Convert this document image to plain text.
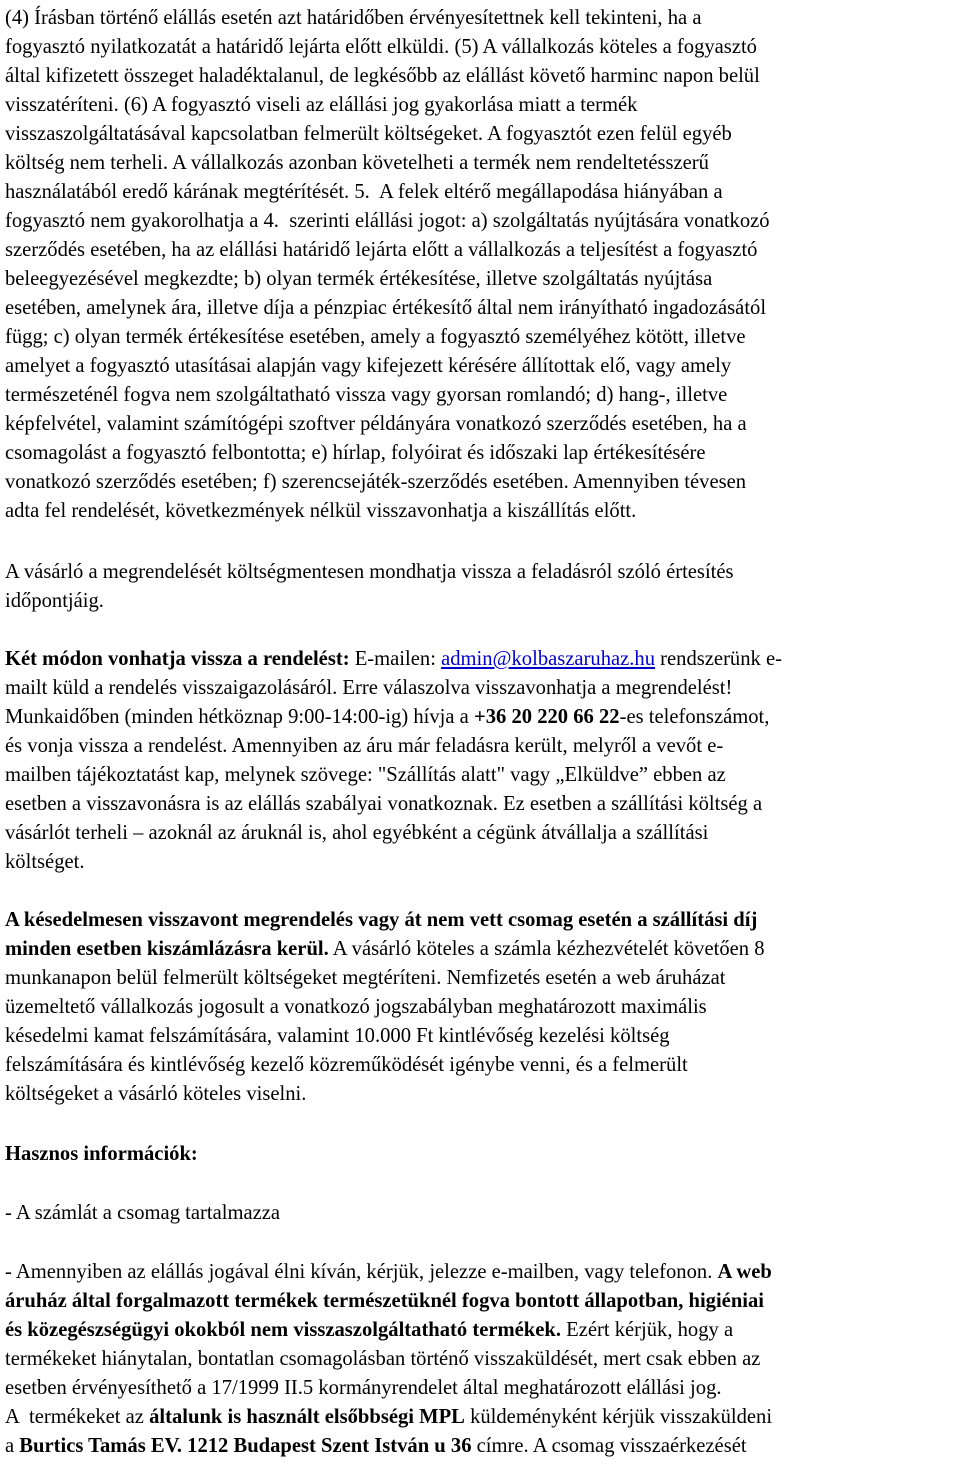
(4) Írásban történő elállás esetén azt határidőben érvényesítettnek kell tekinteni, ha a
fogyasztó nyilatkozatát a határidő lejárta előtt elküldi. (5) A vállalkozás köteles a fogyasztó
által kifizetett összeget haladéktalanul, de legkésőbb az elállást követő harminc napon belül
visszatéríteni. (6) A fogyasztó viseli az elállási jog gyakorlása miatt a termék
visszaszolgáltatásával kapcsolatban felmerült költségeket. A fogyasztót ezen felül egyéb
költség nem terheli. A vállalkozás azonban követelheti a termék nem rendeltetésszerű
használatából eredő kárának megtérítését. 5.  A felek eltérő megállapodása hiányában a
fogyasztó nem gyakorolhatja a 4.  szerinti elállási jogot: a) szolgáltatás nyújtására vonatkozó
szerződés esetében, ha az elállási határidő lejárta előtt a vállalkozás a teljesítést a fogyasztó
beleegyezésével megkezdte; b) olyan termék értékesítése, illetve szolgáltatás nyújtása
esetében, amelynek ára, illetve díja a pénzpiac értékesítő által nem irányítható ingadozásától
függ; c) olyan termék értékesítése esetében, amely a fogyasztó személyéhez kötött, illetve
amelyet a fogyasztó utasításai alapján vagy kifejezett kérésére állítottak elő, vagy amely
természeténél fogva nem szolgáltatható vissza vagy gyorsan romlandó; d) hang-, illetve
képfelvétel, valamint számítógépi szoftver példányára vonatkozó szerződés esetében, ha a
csomagolást a fogyasztó felbontotta; e) hírlap, folyóirat és időszaki lap értékesítésére
vonatkozó szerződés esetében; f) szerencsejáték-szerződés esetében. Amennyiben tévesen
adta fel rendelését, következmények nélkül visszavonhatja a kiszállítás előtt.
A vásárló a megrendelését költségmentesen mondhatja vissza a feladásról szóló értesítés
időpontjáig.
Két módon vonhatja vissza a rendelést: E-mailen: admin@kolbaszaruhaz.hu rendszerünk e-
mailt küld a rendelés visszaigazolásáról. Erre válaszolva visszavonhatja a megrendelést!
Munkaidőben (minden hétköznap 9:00-14:00-ig) hívja a +36 20 220 66 22-es telefonszámot,
és vonja vissza a rendelést. Amennyiben az áru már feladásra került, melyről a vevőt e-
mailben tájékoztatást kap, melynek szövege: "Szállítás alatt" vagy „Elküldve” ebben az
esetben a visszavonásra is az elállás szabályai vonatkoznak. Ez esetben a szállítási költség a
vásárlót terheli – azoknál az áruknál is, ahol egyébként a cégünk átvállalja a szállítási
költséget.
A késedelmesen visszavont megrendelés vagy át nem vett csomag esetén a szállítási díj
minden esetben kiszámlázásra kerül. A vásárló köteles a számla kézhezvételét követően 8
munkanapon belül felmerült költségeket megtéríteni. Nemfizetés esetén a web áruházat
üzemeltető vállalkozás jogosult a vonatkozó jogszabályban meghatározott maximális
késedelmi kamat felszámítására, valamint 10.000 Ft kintlévőség kezelési költség
felszámítására és kintlévőség kezelő közreműködését igénybe venni, és a felmerült
költségeket a vásárló köteles viselni.
Hasznos információk:
- A számlát a csomag tartalmazza
- Amennyiben az elállás jogával élni kíván, kérjük, jelezze e-mailben, vagy telefonon. A web
áruház által forgalmazott termékek természetüknél fogva bontott állapotban, higiéniai
és közegészségügyi okokból nem visszaszolgáltatható termékek. Ezért kérjük, hogy a
termékeket hiánytalan, bontatlan csomagolásban történő visszaküldését, mert csak ebben az
esetben érvényesíthető a 17/1999 II.5 kormányrendelet által meghatározott elállási jog.
A  termékeket az általunk is használt elsőbbségi MPL küldeményként kérjük visszaküldeni
a Burtics Tamás EV. 1212 Budapest Szent István u 36 címre. A csomag visszaérkezését
